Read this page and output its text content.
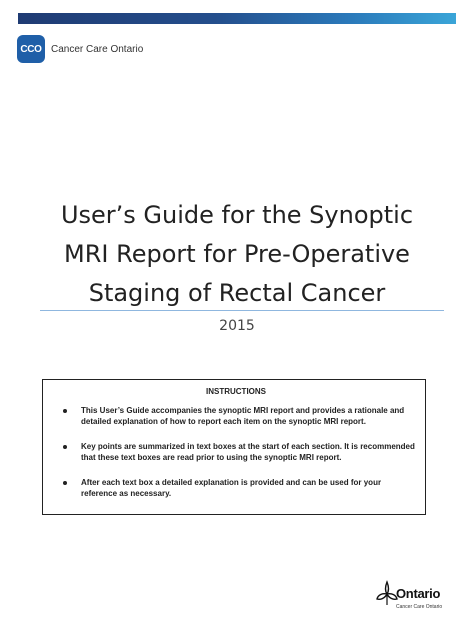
CCO Cancer Care Ontario
User’s Guide for the Synoptic
MRI Report for Pre-Operative
Staging of Rectal Cancer
2015
INSTRUCTIONS
This User’s Guide accompanies the synoptic MRI report and provides a rationale and detailed explanation of how to report each item on the synoptic MRI report.
Key points are summarized in text boxes at the start of each section. It is recommended that these text boxes are read prior to using the synoptic MRI report.
After each text box a detailed explanation is provided and can be used for your reference as necessary.
Ontario
Cancer Care Ontario
